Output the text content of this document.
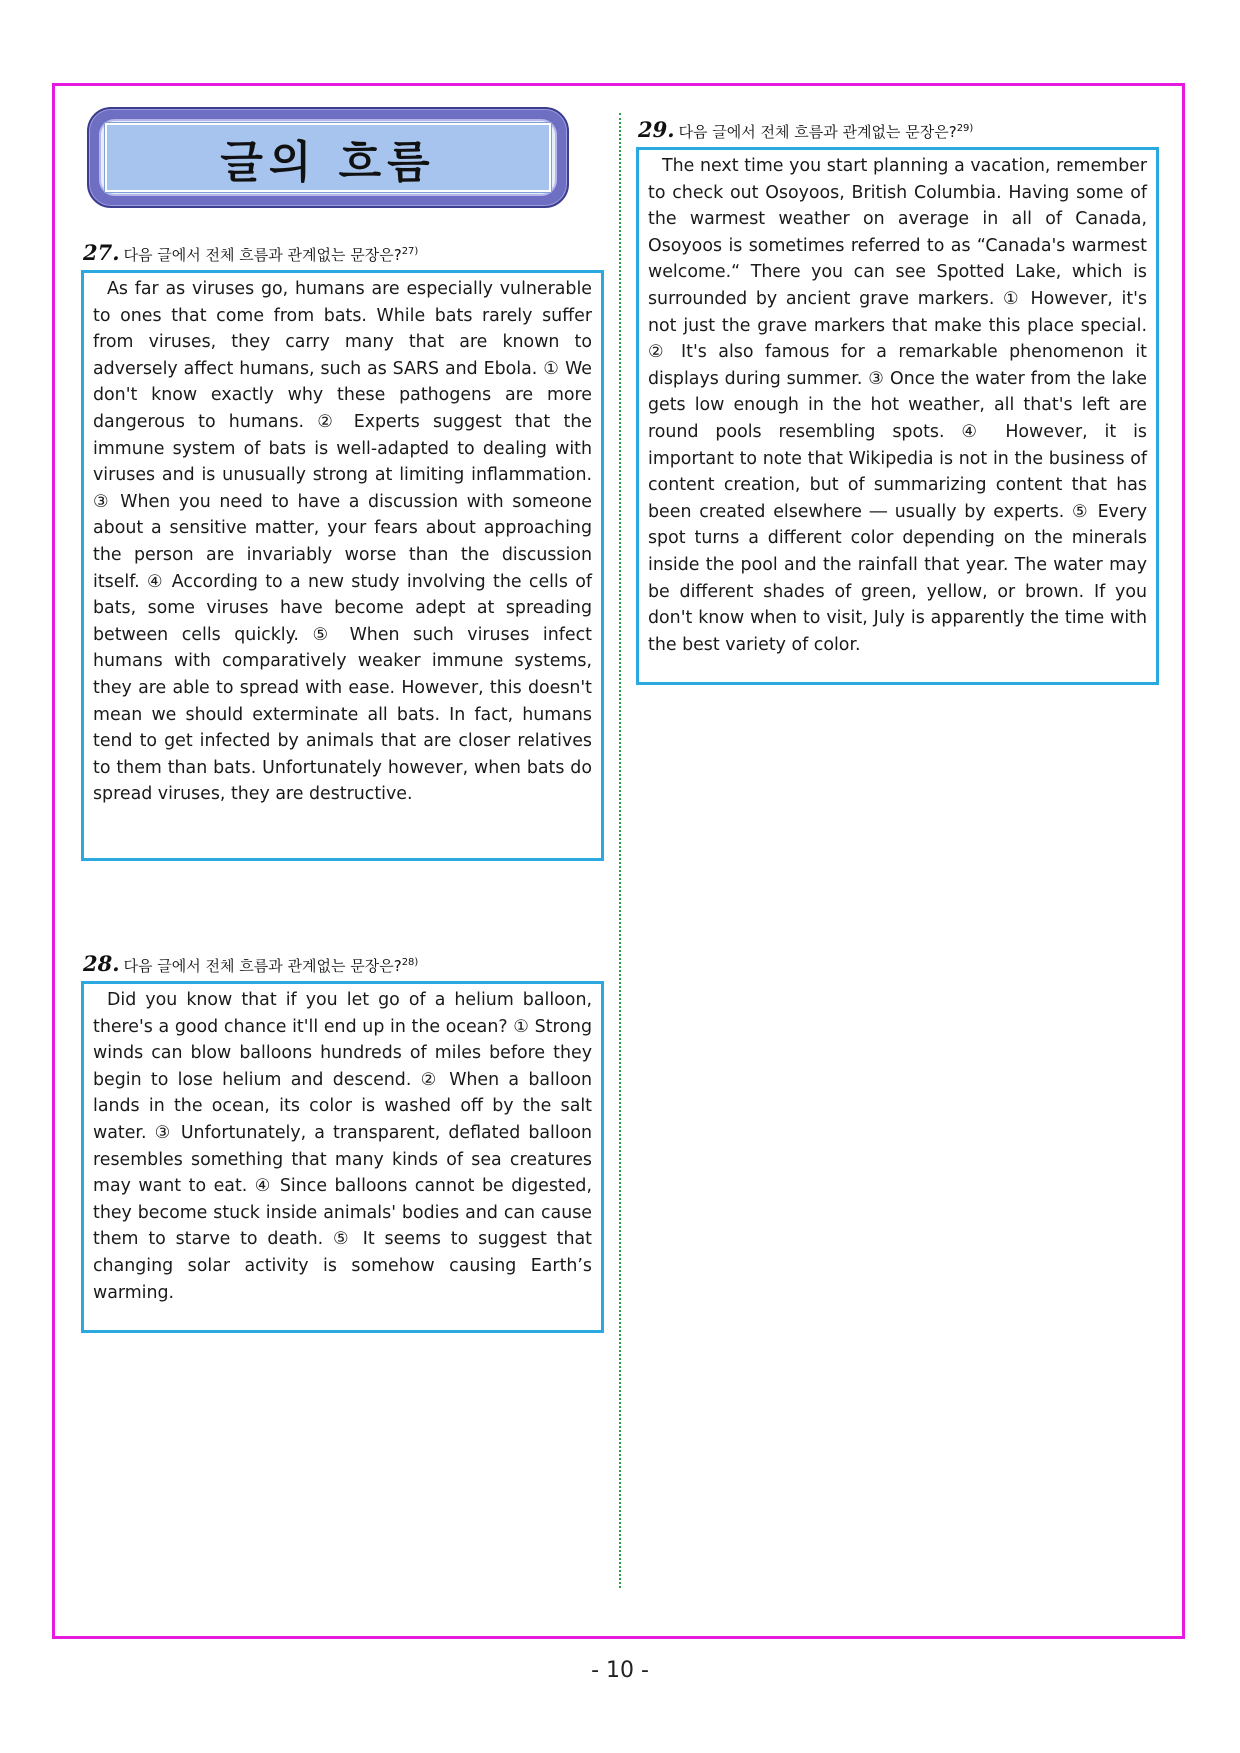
글의 흐름
27. 다음 글에서 전체 흐름과 관계없는 문장은?$^{27)}$

As far as viruses go, humans are especially vulnerable to ones that come from bats. While bats rarely suffer from viruses, they carry many that are known to adversely affect humans, such as SARS and Ebola. ① We don't know exactly why these pathogens are more dangerous to humans. ② Experts suggest that the immune system of bats is well-adapted to dealing with viruses and is unusually strong at limiting inflammation. ③ When you need to have a discussion with someone about a sensitive matter, your fears about approaching the person are invariably worse than the discussion itself. ④ According to a new study involving the cells of bats, some viruses have become adept at spreading between cells quickly. ⑤ When such viruses infect humans with comparatively weaker immune systems, they are able to spread with ease. However, this doesn't mean we should exterminate all bats. In fact, humans tend to get infected by animals that are closer relatives to them than bats. Unfortunately however, when bats do spread viruses, they are destructive.

28. 다음 글에서 전체 흐름과 관계없는 문장은?$^{28)}$

Did you know that if you let go of a helium balloon, there's a good chance it'll end up in the ocean? ① Strong winds can blow balloons hundreds of miles before they begin to lose helium and descend. ② When a balloon lands in the ocean, its color is washed off by the salt water. ③ Unfortunately, a transparent, deflated balloon resembles something that many kinds of sea creatures may want to eat. ④ Since balloons cannot be digested, they become stuck inside animals' bodies and can cause them to starve to death. ⑤ It seems to suggest that changing solar activity is somehow causing Earth’s warming.

29. 다음 글에서 전체 흐름과 관계없는 문장은?$^{29)}$

The next time you start planning a vacation, remember to check out Osoyoos, British Columbia. Having some of the warmest weather on average in all of Canada, Osoyoos is sometimes referred to as “Canada's warmest welcome.“ There you can see Spotted Lake, which is surrounded by ancient grave markers. ① However, it's not just the grave markers that make this place special. ② It's also famous for a remarkable phenomenon it displays during summer. ③ Once the water from the lake gets low enough in the hot weather, all that's left are round pools resembling spots. ④ However, it is important to note that Wikipedia is not in the business of content creation, but of summarizing content that has been created elsewhere ― usually by experts. ⑤ Every spot turns a different color depending on the minerals inside the pool and the rainfall that year. The water may be different shades of green, yellow, or brown. If you don't know when to visit, July is apparently the time with the best variety of color.

- 10 -
